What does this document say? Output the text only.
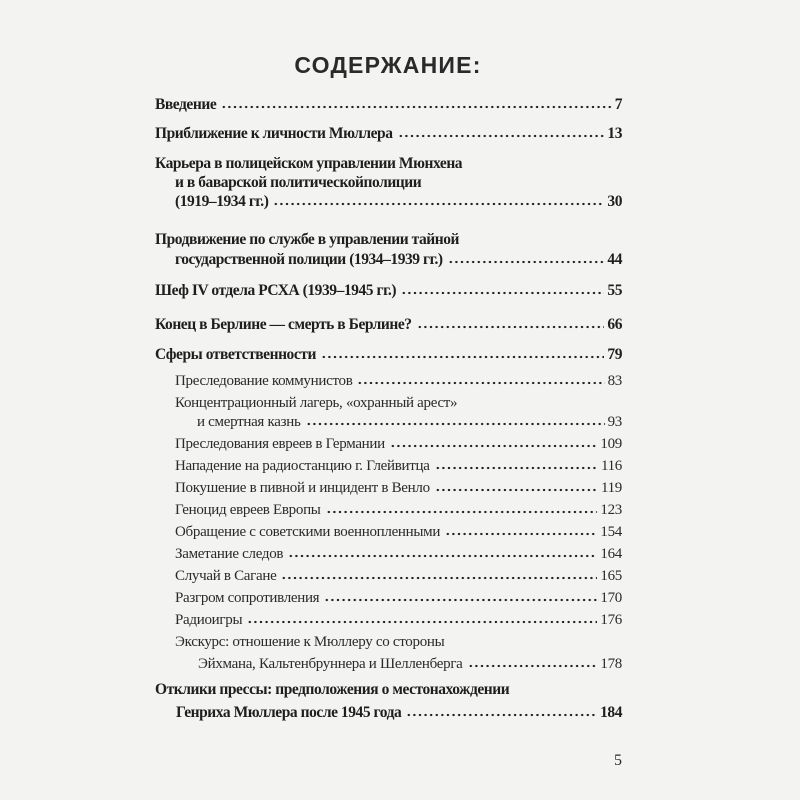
СОДЕРЖАНИЕ:
Введение	7
Приближение к личности Мюллера	13
Карьера в полицейском управлении Мюнхена
и в баварской политическойполиции
(1919–1934 гг.)	30
Продвижение по службе в управлении тайной
государственной полиции (1934–1939 гг.)	44
Шеф IV отдела РСХА (1939–1945 гг.)	55
Конец в Берлине — смерть в Берлине?	66
Сферы ответственности	79
Преследование коммунистов	83
Концентрационный лагерь, «охранный арест»
и смертная казнь	93
Преследования евреев в Германии	109
Нападение на радиостанцию г. Глейвитца	116
Покушение в пивной и инцидент в Венло	119
Геноцид евреев Европы	123
Обращение с советскими военнопленными	154
Заметание следов	164
Случай в Сагане	165
Разгром сопротивления	170
Радиоигры	176
Экскурс: отношение к Мюллеру со стороны
Эйхмана, Кальтенбруннера и Шелленберга	178
Отклики прессы: предположения о местонахождении
Генриха Мюллера после 1945 года	184
5
